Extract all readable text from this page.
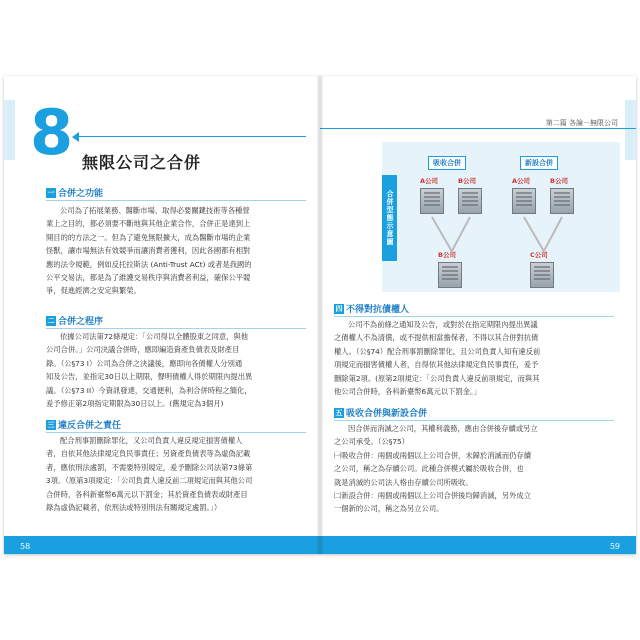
8 無限公司之合併
一 合併之功能
公司為了拓展業務、醫斷市場、取得必要關鍵技術等各種營
業上之目的，都必須要不斷地與其他企業合作，合併正是達到上
開目的的方法之一。但為了避免無限擴大，成為醫斷市場的企業
怪獸，讓市場無法有效競爭而讓消費者獲利，因此各國都有相對
應的法令規範，例如反托拉斯法 (Anti-Trust ACt) 或者是我國的
公平交易法，都是為了維護交易秩序與消費者利益，確保公平競
爭，促進經濟之安定與繁榮。
二 合併之程序
依據公司法第72條規定：「公司得以全體股東之同意，與他
公司合併。」公司決議合併時，應即編造資產負債表及財產目
錄。（公§73 I）公司為合併之決議後，應即向各債權人分別通
知及公告，並指定30日以上期限，聲明債權人得於期限內提出異
議。（公§73 II）今資訊發達，交通便利，為利合併時程之簡化，
爰予修正第2項指定期限為30日以上。(舊規定為3個月)
三 違反合併之責任
配合刑事罰刪除罪化，又公司負責人違反規定損害債權人
者，自依其他法律規定負民事責任；另資產負債表等為虛偽記載
者，應依刑法處罰，不需要特別規定，爰予刪除公司法第73條第
3項。（原第3項規定：「公司負責人違反前二項規定而與其他公司
合併時，各科新臺幣6萬元以下罰金；其於資產負債表或財產目
錄為虛偽記載者，依刑法或特別刑法有關規定處罰。」）
58
第二篇 各論－無限公司
合併型態示意圖
吸收合併	新設合併
A公司	B公司
B公司
A公司	B公司
C公司
四 不得對抗債權人
公司不為前條之通知及公告，或對於在指定期限內提出異議
之債權人不為清償，或不提供相當擔保者，不得以其合併對抗債
權人。（公§74）配合刑事罰刪除罪化，且公司負責人知有違反前
項規定而損害債權人者，自得依其他法律規定負民事責任，爰予
刪除第2項。(原第2項規定：「公司負責人違反前項規定，而與其
他公司合併時，各科新臺幣6萬元以下罰金。」
五 吸收合併與新設合併
因合併而消滅之公司，其權利義務，應由合併後存續或另立
之公司承受。（公§75）
㈠吸收合併：兩個或兩個以上公司合併，未歸於消滅而仍存續
之公司，稱之為存續公司。此種合併模式屬於吸收合併，也
就是消滅的公司法人格由存續公司所吸收。
㈡新設合併：兩個或兩個以上公司合併後均歸消滅，另外成立
一個新的公司，稱之為另立公司。
59
